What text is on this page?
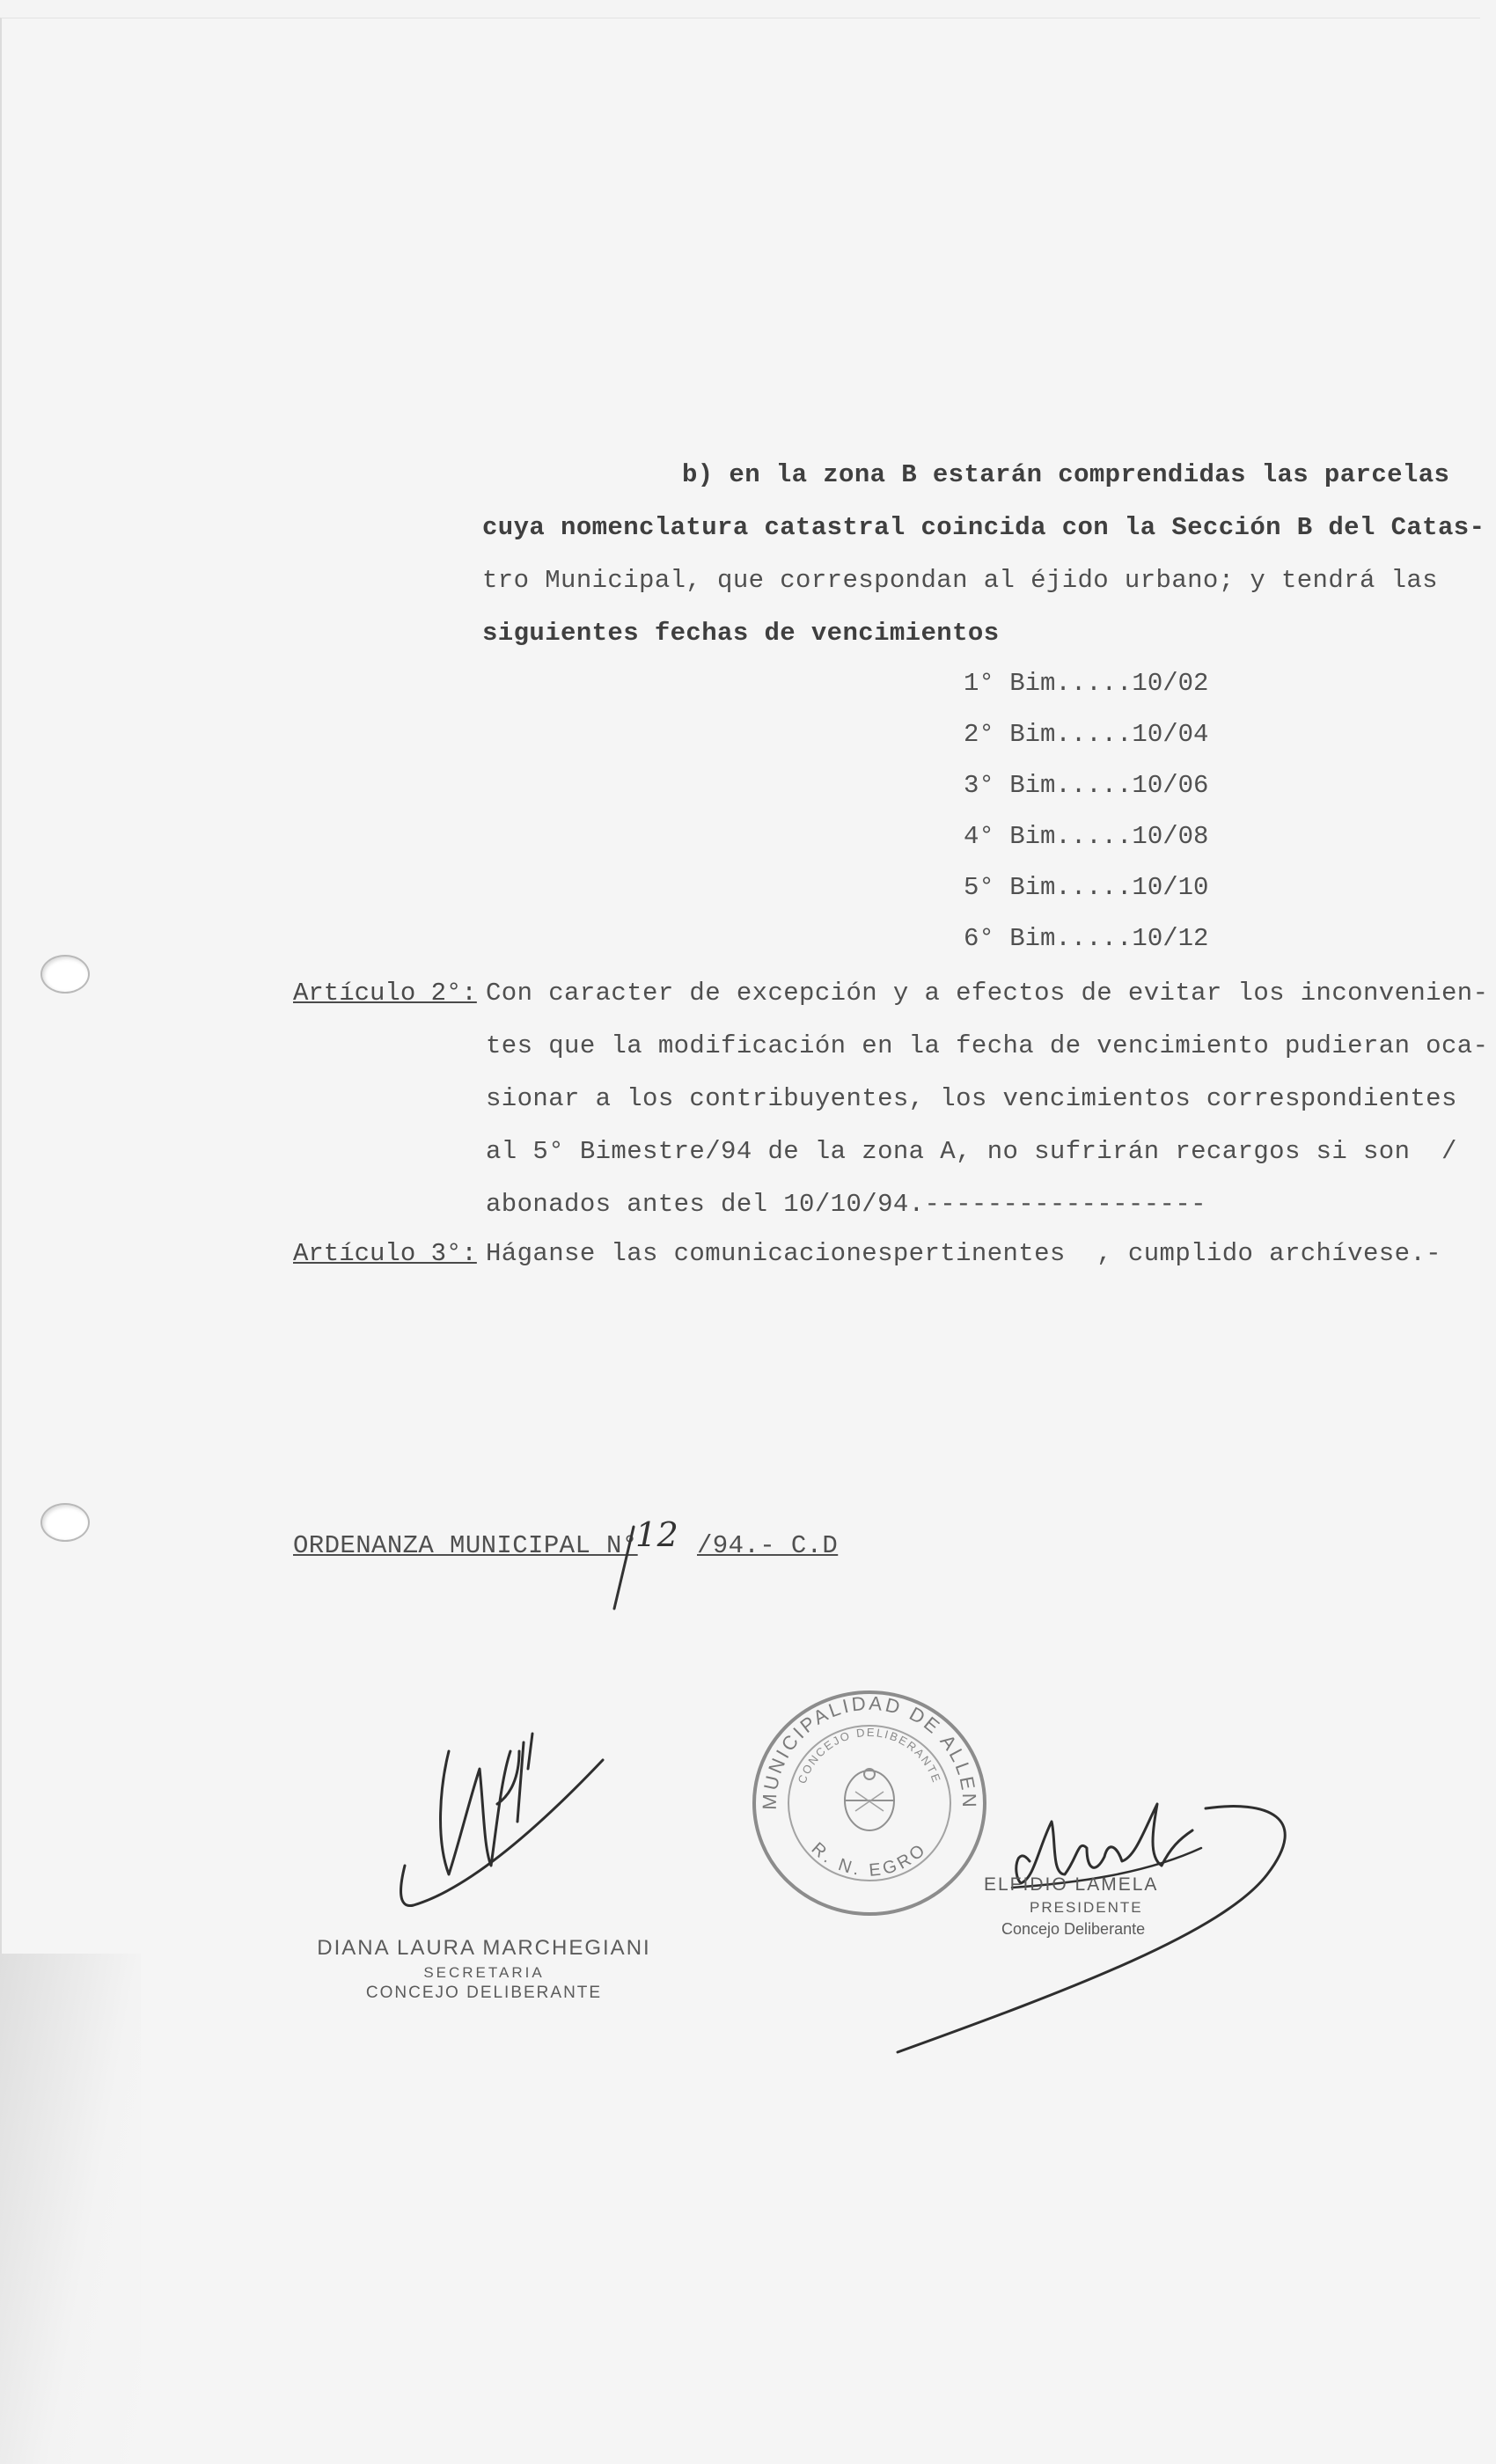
b) en la zona B estarán comprendidas las parcelas
cuya nomenclatura catastral coincida con la Sección B del Catas-
tro Municipal, que correspondan al éjido urbano; y tendrá las
siguientes fechas de vencimientos
1° Bim.....10/02
2° Bim.....10/04
3° Bim.....10/06
4° Bim.....10/08
5° Bim.....10/10
6° Bim.....10/12
Artículo 2°: Con caracter de excepción y a efectos de evitar los inconvenien-
tes que la modificación en la fecha de vencimiento pudieran oca-
sionar a los contribuyentes, los vencimientos correspondientes
al 5° Bimestre/94 de la zona A, no sufrirán recargos si son  /
abonados antes del 10/10/94.------------------
Artículo 3°: Háganse las comunicacionespertinentes  , cumplido archívese.-
ORDENANZA MUNICIPAL N°
12 /94.- C.D
DIANA LAURA MARCHEGIANI
SECRETARIA
CONCEJO DELIBERANTE
MUNICIPALIDAD DE ALLEN
CONCEJO DELIBERANTE
R. N. EGRO
ELFIDIO LAMELA
PRESIDENTE
Concejo Deliberante
